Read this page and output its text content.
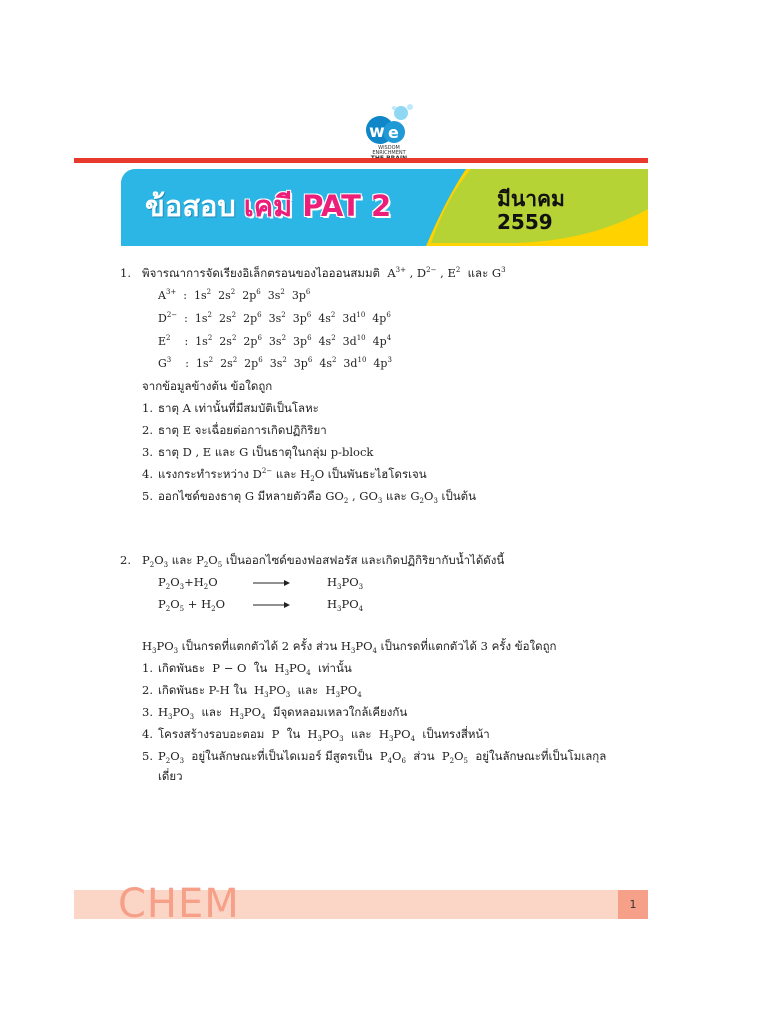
w e
WISDOM ENRICHMENT
ข้อสอบ เคมี PAT 2	มีนาคม
2559
1. พิจารณาการจัดเรียงอิเล็กตรอนของไอออนสมมติ  $A^{3+}$ , $D^{2-}$ , $E^2$  และ $G^3$
$A^{3+}$  :  $1s^2$  $2s^2$  $2p^6$  $3s^2$  $3p^6$
$D^{2-}$  :  $1s^2$  $2s^2$  $2p^6$  $3s^2$  $3p^6$  $4s^2$  $3d^{10}$  $4p^6$
$E^2$    :  $1s^2$  $2s^2$  $2p^6$  $3s^2$  $3p^6$  $4s^2$  $3d^{10}$  $4p^4$
$G^3$    :  $1s^2$  $2s^2$  $2p^6$  $3s^2$  $3p^6$  $4s^2$  $3d^{10}$  $4p^3$
จากข้อมูลข้างต้น ข้อใดถูก
1. ธาตุ A เท่านั้นที่มีสมบัติเป็นโลหะ
2. ธาตุ E จะเฉื่อยต่อการเกิดปฏิกิริยา
3. ธาตุ D , E และ G เป็นธาตุในกลุ่ม p-block
4. แรงกระทำระหว่าง $D^{2-}$ และ $H_2O$ เป็นพันธะไฮโดรเจน
5. ออกไซด์ของธาตุ G มีหลายตัวคือ $GO_2$ , $GO_3$ และ $G_2O_3$ เป็นต้น
2. $P_2O_3$ และ $P_2O_5$ เป็นออกไซด์ของฟอสฟอรัส และเกิดปฏิกิริยากับน้ำได้ดังนี้
$P_2O_3+H_2O$	$H_3PO_3$
$P_2O_5 + H_2O$	$H_3PO_4$
$H_3PO_3$ เป็นกรดที่แตกตัวได้ 2 ครั้ง ส่วน $H_3PO_4$ เป็นกรดที่แตกตัวได้ 3 ครั้ง ข้อใดถูก
1. เกิดพันธะ  P − O  ใน  $H_3PO_4$  เท่านั้น
2. เกิดพันธะ P-H ใน  $H_3PO_3$  และ  $H_3PO_4$
3. $H_3PO_3$  และ  $H_3PO_4$  มีจุดหลอมเหลวใกล้เคียงกัน
4. โครงสร้างรอบอะตอม  P  ใน  $H_3PO_3$  และ  $H_3PO_4$  เป็นทรงสี่หน้า
5. $P_2O_3$  อยู่ในลักษณะที่เป็นไดเมอร์ มีสูตรเป็น  $P_4O_6$  ส่วน  $P_2O_5$  อยู่ในลักษณะที่เป็นโมเลกุล
เดี่ยว
CHEM	1
